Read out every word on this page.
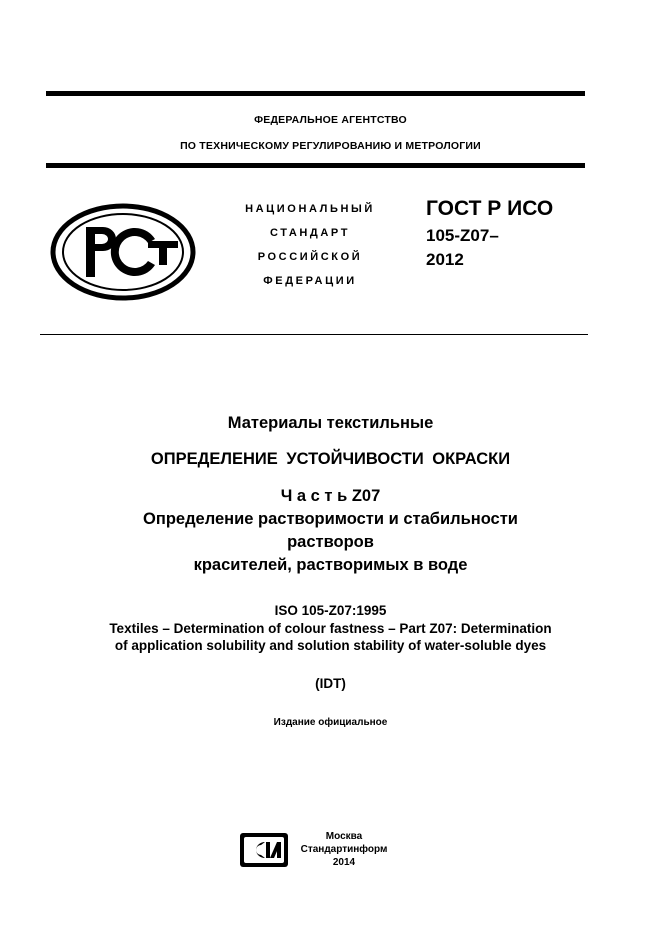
ФЕДЕРАЛЬНОЕ АГЕНТСТВО
ПО ТЕХНИЧЕСКОМУ РЕГУЛИРОВАНИЮ И МЕТРОЛОГИИ
НАЦИОНАЛЬНЫЙ
СТАНДАРТ
РОССИЙСКОЙ
ФЕДЕРАЦИИ
ГОСТ Р ИСО
105-Z07–
2012
Материалы текстильные
ОПРЕДЕЛЕНИЕ УСТОЙЧИВОСТИ ОКРАСКИ
Ч а с т ь Z07
Определение растворимости и стабильности
растворов
красителей, растворимых в воде
ISO 105-Z07:1995
Textiles – Determination of colour fastness – Part Z07: Determination
of application solubility and solution stability of water-soluble dyes
(IDT)
Издание официальное
Москва
Стандартинформ
2014
